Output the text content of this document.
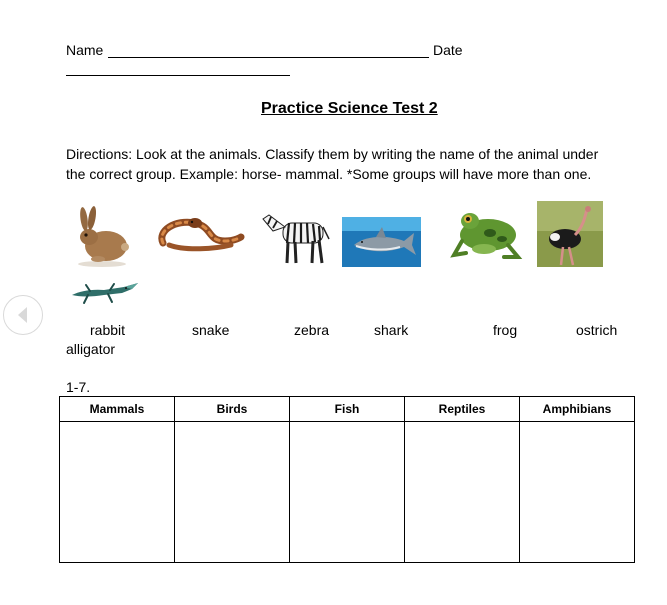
Name	Date
Practice Science Test 2
Directions: Look at the animals. Classify them by writing the name of the animal under
the correct group. Example: horse- mammal. *Some groups will have more than one.
rabbit	snake	zebra	shark	frog	ostrich
alligator
1-7.
Mammals	Birds	Fish	Reptiles	Amphibians
